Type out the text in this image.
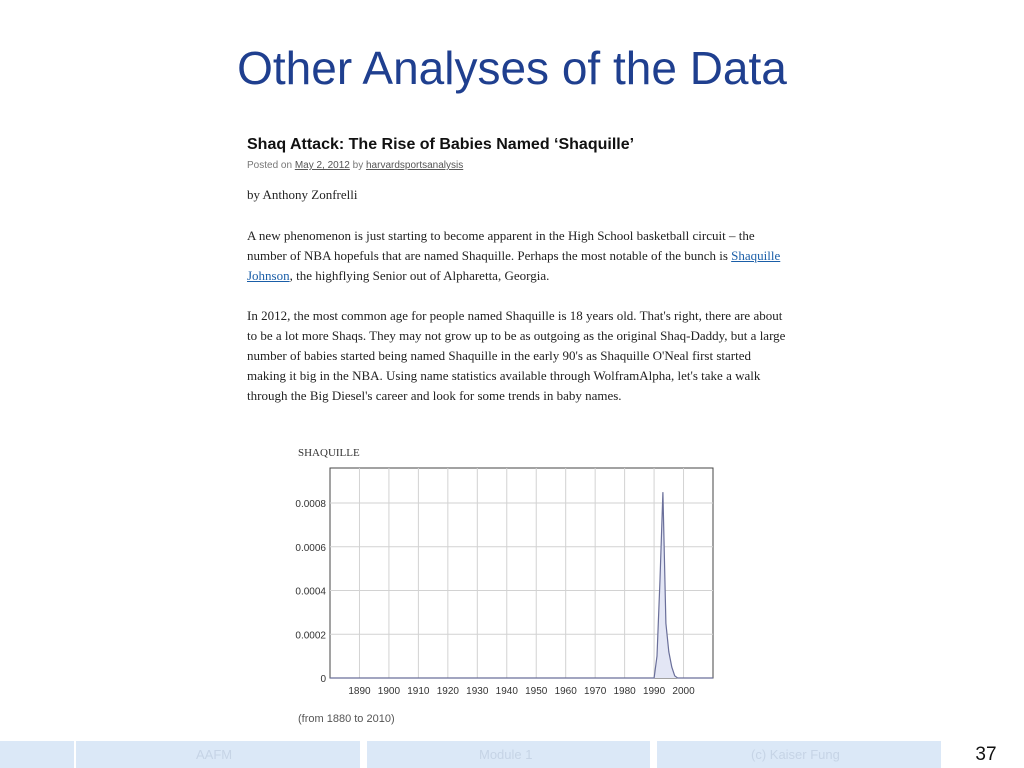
Other Analyses of the Data
Shaq Attack: The Rise of Babies Named ‘Shaquille’
Posted on May 2, 2012 by harvardsportsanalysis
by Anthony Zonfrelli
A new phenomenon is just starting to become apparent in the High School basketball circuit – the number of NBA hopefuls that are named Shaquille. Perhaps the most notable of the bunch is Shaquille Johnson, the highflying Senior out of Alpharetta, Georgia.
In 2012, the most common age for people named Shaquille is 18 years old. That's right, there are about to be a lot more Shaqs. They may not grow up to be as outgoing as the original Shaq-Daddy, but a large number of babies started being named Shaquille in the early 90's as Shaquille O'Neal first started making it big in the NBA. Using name statistics available through WolframAlpha, let's take a walk through the Big Diesel's career and look for some trends in baby names.
SHAQUILLE
1890 1900 1910 1920 1930 1940 1950 1960 1970 1980 1990 2000
0
0.0002
0.0004
0.0006
0.0008
(from 1880 to 2010)
AAFM	Module 1	(c) Kaiser Fung	37
